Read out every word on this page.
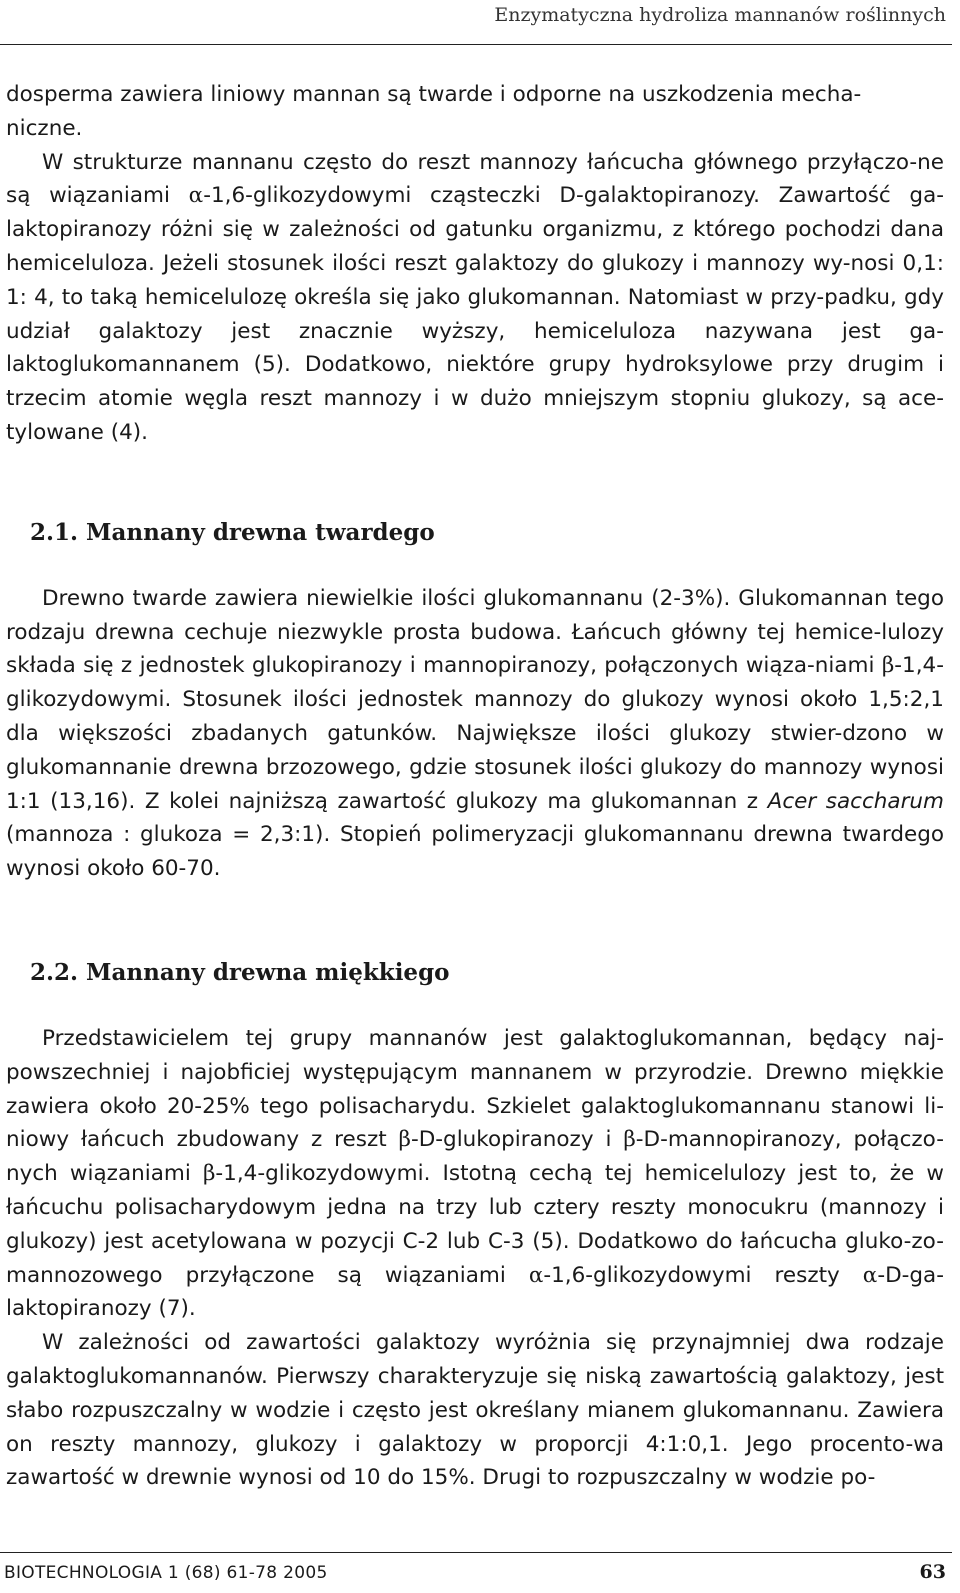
Enzymatyczna hydroliza mannanów roślinnych

dosperma zawiera liniowy mannan są twarde i odporne na uszkodzenia mecha-
niczne.

W strukturze mannanu często do reszt mannozy łańcucha głównego przyłączo-ne są wiązaniami α-1,6-glikozydowymi cząsteczki D-galaktopiranozy. Zawartość ga-laktopiranozy różni się w zależności od gatunku organizmu, z którego pochodzi dana hemiceluloza. Jeżeli stosunek ilości reszt galaktozy do glukozy i mannozy wy-nosi 0,1: 1: 4, to taką hemicelulozę określa się jako glukomannan. Natomiast w przy-padku, gdy udział galaktozy jest znacznie wyższy, hemiceluloza nazywana jest ga-laktoglukomannanem (5). Dodatkowo, niektóre grupy hydroksylowe przy drugim i trzecim atomie węgla reszt mannozy i w dużo mniejszym stopniu glukozy, są ace-tylowane (4).

2.1. Mannany drewna twardego

Drewno twarde zawiera niewielkie ilości glukomannanu (2-3%). Glukomannan tego rodzaju drewna cechuje niezwykle prosta budowa. Łańcuch główny tej hemice-lulozy składa się z jednostek glukopiranozy i mannopiranozy, połączonych wiąza-niami β-1,4-glikozydowymi. Stosunek ilości jednostek mannozy do glukozy wynosi około 1,5:2,1 dla większości zbadanych gatunków. Największe ilości glukozy stwier-dzono w glukomannanie drewna brzozowego, gdzie stosunek ilości glukozy do mannozy wynosi 1:1 (13,16). Z kolei najniższą zawartość glukozy ma glukomannan z Acer saccharum (mannoza : glukoza = 2,3:1). Stopień polimeryzacji glukomannanu drewna twardego wynosi około 60-70.

2.2. Mannany drewna miękkiego

Przedstawicielem tej grupy mannanów jest galaktoglukomannan, będący naj-powszechniej i najobficiej występującym mannanem w przyrodzie. Drewno miękkie zawiera około 20-25% tego polisacharydu. Szkielet galaktoglukomannanu stanowi li-niowy łańcuch zbudowany z reszt β-D-glukopiranozy i β-D-mannopiranozy, połączo-nych wiązaniami β-1,4-glikozydowymi. Istotną cechą tej hemicelulozy jest to, że w łańcuchu polisacharydowym jedna na trzy lub cztery reszty monocukru (mannozy i glukozy) jest acetylowana w pozycji C-2 lub C-3 (5). Dodatkowo do łańcucha gluko-zo-mannozowego przyłączone są wiązaniami α-1,6-glikozydowymi reszty α-D-ga-laktopiranozy (7).

W zależności od zawartości galaktozy wyróżnia się przynajmniej dwa rodzaje galaktoglukomannanów. Pierwszy charakteryzuje się niską zawartością galaktozy, jest słabo rozpuszczalny w wodzie i często jest określany mianem glukomannanu. Zawiera on reszty mannozy, glukozy i galaktozy w proporcji 4:1:0,1. Jego procento-wa zawartość w drewnie wynosi od 10 do 15%. Drugi to rozpuszczalny w wodzie po-

BIOTECHNOLOGIA 1 (68) 61-78 2005	63
